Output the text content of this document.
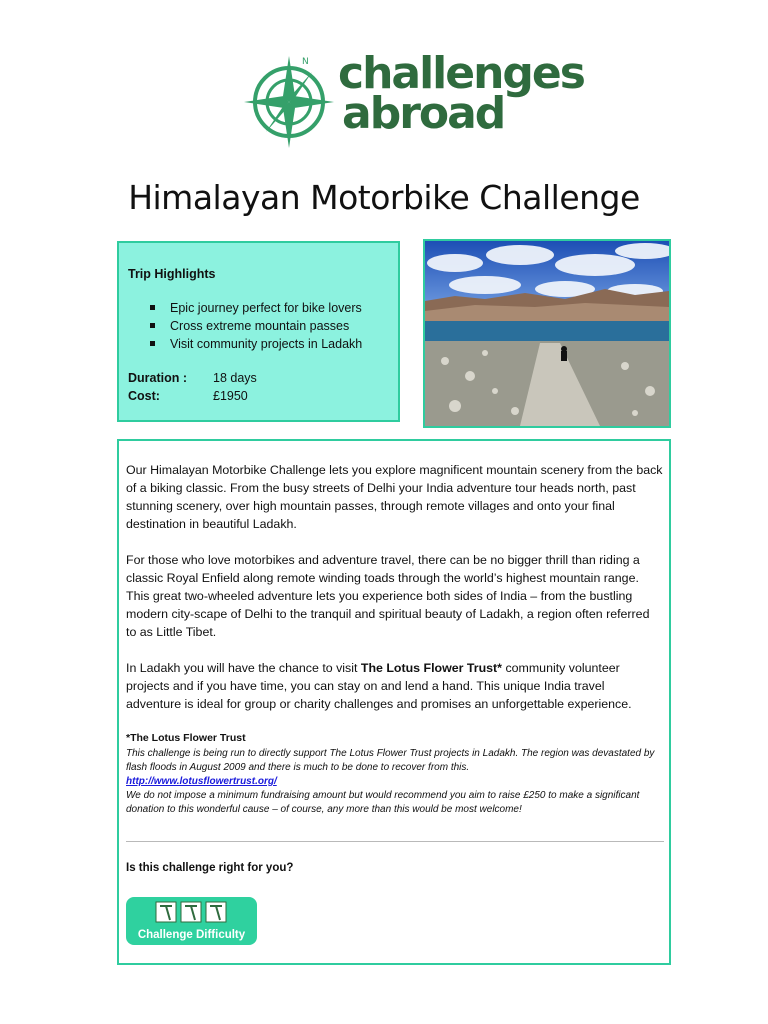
N challenges
abroad
Himalayan Motorbike Challenge
Trip Highlights
Epic journey perfect for bike lovers
Cross extreme mountain passes
Visit community projects in Ladakh
Duration :	18 days
Cost:	£1950

Our Himalayan Motorbike Challenge lets you explore magnificent mountain scenery from the back of a biking classic. From the busy streets of Delhi your India adventure tour heads north, past stunning scenery, over high mountain passes, through remote villages and onto your final destination in beautiful Ladakh.

For those who love motorbikes and adventure travel, there can be no bigger thrill than riding a classic Royal Enfield along remote winding toads through the world’s highest mountain range. This great two-wheeled adventure lets you experience both sides of India – from the bustling modern city-scape of Delhi to the tranquil and spiritual beauty of Ladakh, a region often referred to as Little Tibet.

In Ladakh you will have the chance to visit The Lotus Flower Trust* community volunteer projects and if you have time, you can stay on and lend a hand. This unique India travel adventure is ideal for group or charity challenges and promises an unforgettable experience.

*The Lotus Flower Trust
This challenge is being run to directly support The Lotus Flower Trust projects in Ladakh. The region was devastated by flash floods in August 2009 and there is much to be done to recover from this.
http://www.lotusflowertrust.org/
We do not impose a minimum fundraising amount but would recommend you aim to raise £250 to make a significant donation to this wonderful cause – of course, any more than this would be most welcome!
Is this challenge right for you?
Challenge Difficulty
